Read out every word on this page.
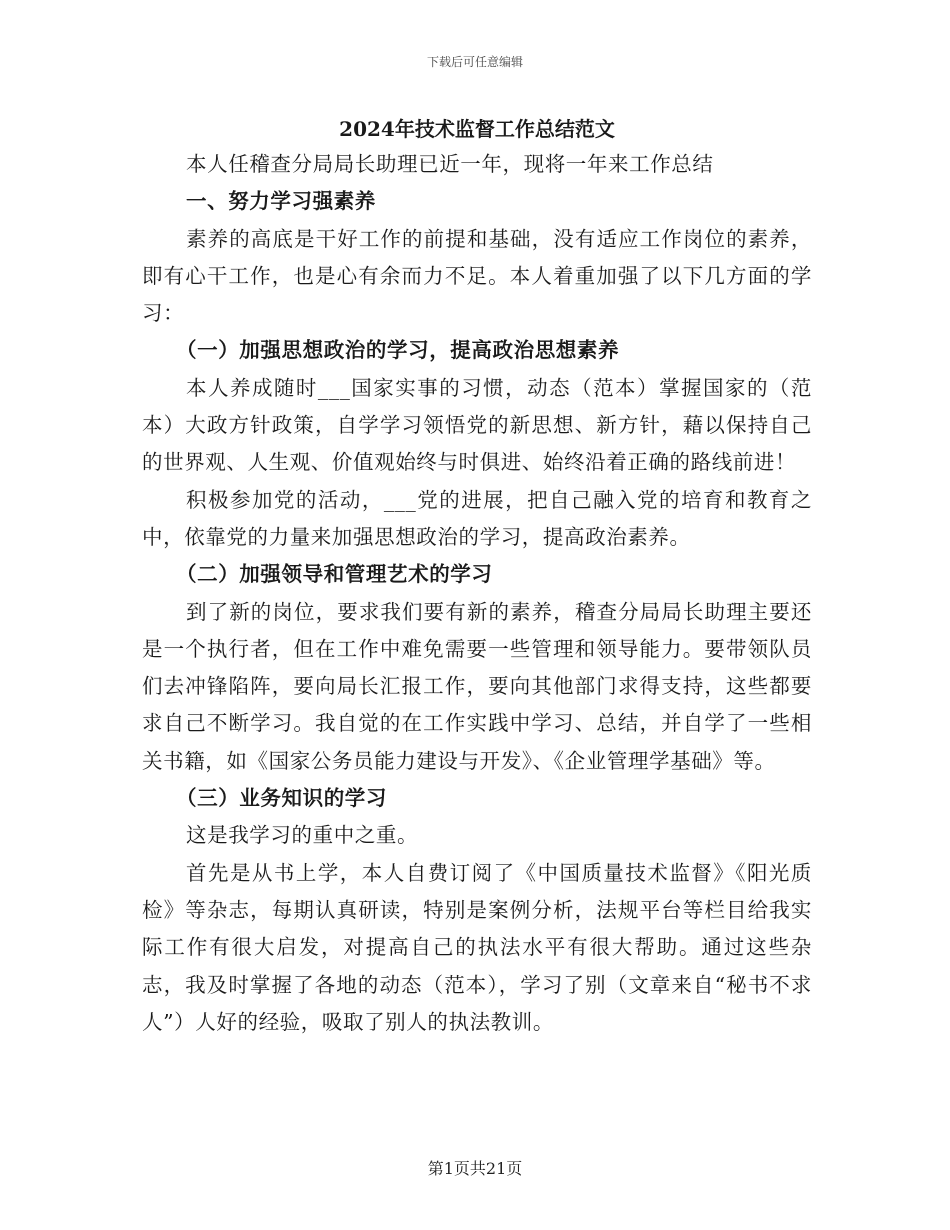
下载后可任意编辑
2024年技术监督工作总结范文

本人任稽查分局局长助理已近一年，现将一年来工作总结

一、努力学习强素养

素养的高底是干好工作的前提和基础，没有适应工作岗位的素养，即有心干工作，也是心有余而力不足。本人着重加强了以下几方面的学习：

（一）加强思想政治的学习，提高政治思想素养

本人养成随时___国家实事的习惯，动态（范本）掌握国家的（范本）大政方针政策，自学学习领悟党的新思想、新方针，藉以保持自己的世界观、人生观、价值观始终与时俱进、始终沿着正确的路线前进！

积极参加党的活动，___党的进展，把自己融入党的培育和教育之中，依靠党的力量来加强思想政治的学习，提高政治素养。

（二）加强领导和管理艺术的学习

到了新的岗位，要求我们要有新的素养，稽查分局局长助理主要还是一个执行者，但在工作中难免需要一些管理和领导能力。要带领队员们去冲锋陷阵，要向局长汇报工作，要向其他部门求得支持，这些都要求自己不断学习。我自觉的在工作实践中学习、总结，并自学了一些相关书籍，如《国家公务员能力建设与开发》、《企业管理学基础》等。

（三）业务知识的学习

这是我学习的重中之重。

首先是从书上学，本人自费订阅了《中国质量技术监督》《阳光质检》等杂志，每期认真研读，特别是案例分析，法规平台等栏目给我实际工作有很大启发，对提高自己的执法水平有很大帮助。通过这些杂志，我及时掌握了各地的动态（范本），学习了别（文章来自“秘书不求人”）人好的经验，吸取了别人的执法教训。

第1页共21页
